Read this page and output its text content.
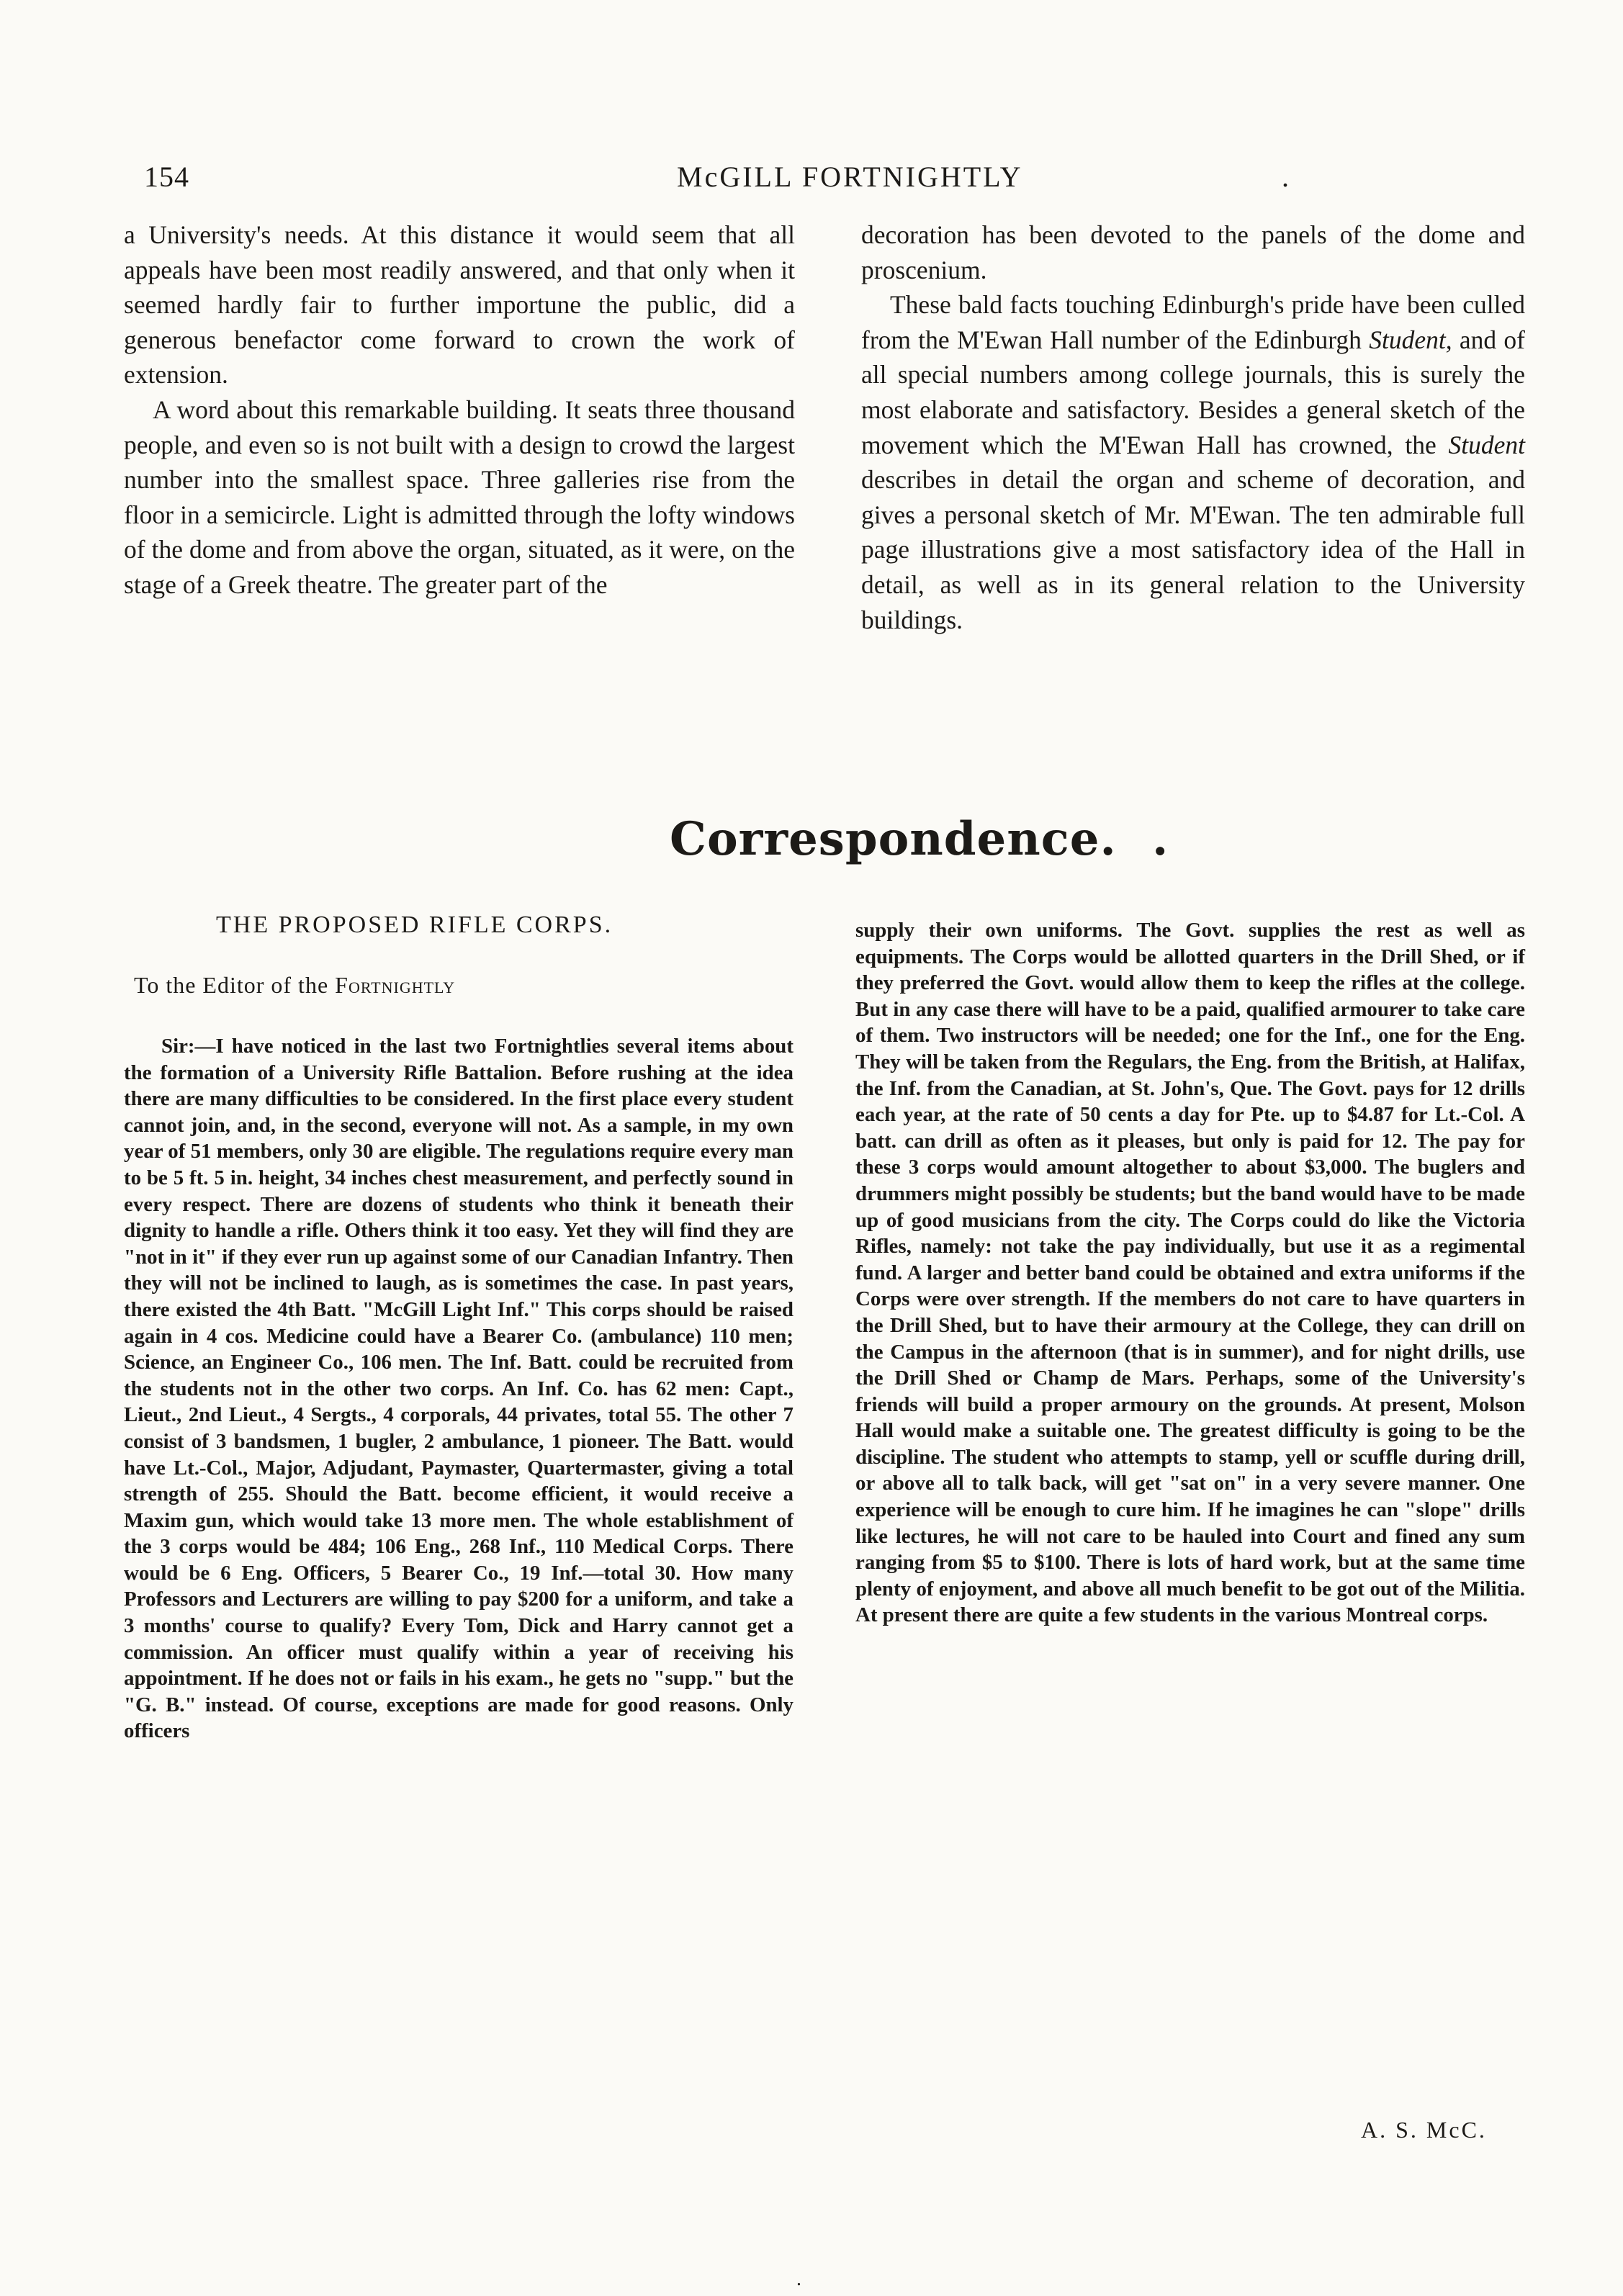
154	McGILL FORTNIGHTLY	.

a University's needs. At this distance it would seem that all appeals have been most readily answered, and that only when it seemed hardly fair to further importune the public, did a generous benefactor come forward to crown the work of extension.

A word about this remarkable building. It seats three thousand people, and even so is not built with a design to crowd the largest number into the smallest space. Three galleries rise from the floor in a semicircle. Light is admitted through the lofty windows of the dome and from above the organ, situated, as it were, on the stage of a Greek theatre. The greater part of the

decoration has been devoted to the panels of the dome and proscenium.

These bald facts touching Edinburgh's pride have been culled from the M'Ewan Hall number of the Edinburgh Student, and of all special numbers among college journals, this is surely the most elaborate and satisfactory. Besides a general sketch of the movement which the M'Ewan Hall has crowned, the Student describes in detail the organ and scheme of decoration, and gives a personal sketch of Mr. M'Ewan. The ten admirable full page illustrations give a most satisfactory idea of the Hall in detail, as well as in its general relation to the University buildings.

Correspondence. .
THE PROPOSED RIFLE CORPS.
To the Editor of the Fortnightly

Sir:—I have noticed in the last two Fortnightlies several items about the formation of a University Rifle Battalion. Before rushing at the idea there are many difficulties to be considered. In the first place every student cannot join, and, in the second, everyone will not. As a sample, in my own year of 51 members, only 30 are eligible. The regulations require every man to be 5 ft. 5 in. height, 34 inches chest measurement, and perfectly sound in every respect. There are dozens of students who think it beneath their dignity to handle a rifle. Others think it too easy. Yet they will find they are "not in it" if they ever run up against some of our Canadian Infantry. Then they will not be inclined to laugh, as is sometimes the case. In past years, there existed the 4th Batt. "McGill Light Inf." This corps should be raised again in 4 cos. Medicine could have a Bearer Co. (ambulance) 110 men; Science, an Engineer Co., 106 men. The Inf. Batt. could be recruited from the students not in the other two corps. An Inf. Co. has 62 men: Capt., Lieut., 2nd Lieut., 4 Sergts., 4 corporals, 44 privates, total 55. The other 7 consist of 3 bandsmen, 1 bugler, 2 ambulance, 1 pioneer. The Batt. would have Lt.-Col., Major, Adjudant, Paymaster, Quartermaster, giving a total strength of 255. Should the Batt. become efficient, it would receive a Maxim gun, which would take 13 more men. The whole establishment of the 3 corps would be 484; 106 Eng., 268 Inf., 110 Medical Corps. There would be 6 Eng. Officers, 5 Bearer Co., 19 Inf.—total 30. How many Professors and Lecturers are willing to pay $200 for a uniform, and take a 3 months' course to qualify? Every Tom, Dick and Harry cannot get a commission. An officer must qualify within a year of receiving his appointment. If he does not or fails in his exam., he gets no "supp." but the "G. B." instead. Of course, exceptions are made for good reasons. Only officers

supply their own uniforms. The Govt. supplies the rest as well as equipments. The Corps would be allotted quarters in the Drill Shed, or if they preferred the Govt. would allow them to keep the rifles at the college. But in any case there will have to be a paid, qualified armourer to take care of them. Two instructors will be needed; one for the Inf., one for the Eng. They will be taken from the Regulars, the Eng. from the British, at Halifax, the Inf. from the Canadian, at St. John's, Que. The Govt. pays for 12 drills each year, at the rate of 50 cents a day for Pte. up to $4.87 for Lt.-Col. A batt. can drill as often as it pleases, but only is paid for 12. The pay for these 3 corps would amount altogether to about $3,000. The buglers and drummers might possibly be students; but the band would have to be made up of good musicians from the city. The Corps could do like the Victoria Rifles, namely: not take the pay individually, but use it as a regimental fund. A larger and better band could be obtained and extra uniforms if the Corps were over strength. If the members do not care to have quarters in the Drill Shed, but to have their armoury at the College, they can drill on the Campus in the afternoon (that is in summer), and for night drills, use the Drill Shed or Champ de Mars. Perhaps, some of the University's friends will build a proper armoury on the grounds. At present, Molson Hall would make a suitable one. The greatest difficulty is going to be the discipline. The student who attempts to stamp, yell or scuffle during drill, or above all to talk back, will get "sat on" in a very severe manner. One experience will be enough to cure him. If he imagines he can "slope" drills like lectures, he will not care to be hauled into Court and fined any sum ranging from $5 to $100. There is lots of hard work, but at the same time plenty of enjoyment, and above all much benefit to be got out of the Militia. At present there are quite a few students in the various Montreal corps.

A. S. McC.
.
